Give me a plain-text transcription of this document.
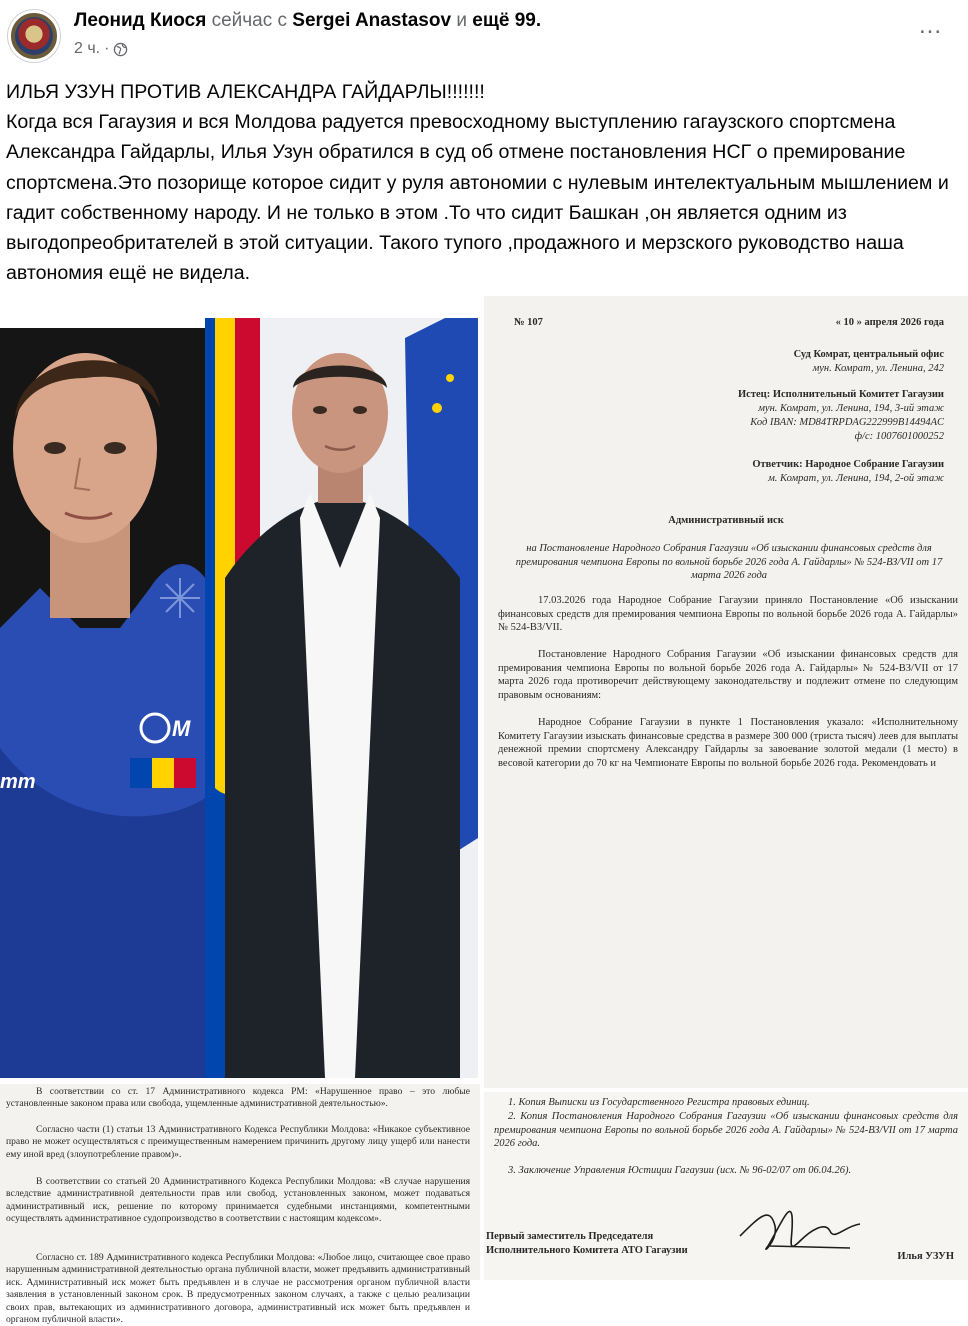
Леонид Киося сейчас с Sergei Anastasov и ещё 99.
2 ч. ·
...

ИЛЬЯ УЗУН ПРОТИВ АЛЕКСАНДРА ГАЙДАРЛЫ!!!!!!!
Когда вся Гагаузия и вся Молдова радуется превосходному выступлению гагаузского спортсмена Александра Гайдарлы, Илья Узун обратился в суд об отмене постановления НСГ о премирование спортсмена.Это позорище которое сидит у руля автономии с нулевым интелектуальным мышлением и гадит собственному народу. И не только в этом .То что сидит Башкан ,он является одним из выгодопреобритателей в этой ситуации. Такого тупого ,продажного и мерзского руководство наша автономия ещё не видела.

М
mm
№ 107	« 10 » апреля 2026 года
Суд Комрат, центральный офис
мун. Комрат, ул. Ленина, 242
Истец: Исполнительный Комитет Гагаузии
мун. Комрат, ул. Ленина, 194, 3-ий этаж
Код IBAN: MD84TRPDAG222999B14494AC
ф/с: 1007601000252
Ответчик: Народное Собрание Гагаузии
м. Комрат, ул. Ленина, 194, 2-ой этаж
Административный иск
на Постановление Народного Собрания Гагаузии «Об изыскании финансовых средств для премирования чемпиона Европы по вольной борьбе 2026 года А. Гайдарлы» № 524-ВЗ/VII от 17 марта 2026 года
17.03.2026 года Народное Собрание Гагаузии приняло Постановление «Об изыскании финансовых средств для премирования чемпиона Европы по вольной борьбе 2026 года А. Гайдарлы» № 524-ВЗ/VII.
Постановление Народного Собрания Гагаузии «Об изыскании финансовых средств для премирования чемпиона Европы по вольной борьбе 2026 года А. Гайдарлы» № 524-ВЗ/VII от 17 марта 2026 года противоречит действующему законодательству и подлежит отмене по следующим правовым основаниям:
Народное Собрание Гагаузии в пункте 1 Постановления указало: «Исполнительному Комитету Гагаузии изыскать финансовые средства в размере 300 000 (триста тысяч) леев для выплаты денежной премии спортсмену Александру Гайдарлы за завоевание золотой медали (1 место) в весовой категории до 70 кг на Чемпионате Европы по вольной борьбе 2026 года. Рекомендовать и
В соответствии со ст. 17 Административного кодекса РМ: «Нарушенное право – это любые установленные законом права или свобода, ущемленные административной деятельностью».
Согласно части (1) статьи 13 Административного Кодекса Республики Молдова: «Никакое субъективное право не может осуществляться с преимущественным намерением причинить другому лицу ущерб или нанести ему иной вред (злоупотребление правом)».
В соответствии со статьей 20 Административного Кодекса Республики Молдова: «В случае нарушения вследствие административной деятельности прав или свобод, установленных законом, может подаваться административный иск, решение по которому принимается судебными инстанциями, компетентными осуществлять административное судопроизводство в соответствии с настоящим кодексом».
Согласно ст. 189 Административного кодекса Республики Молдова: «Любое лицо, считающее свое право нарушенным административной деятельностью органа публичной власти, может предъявить административный иск. Административный иск может быть предъявлен и в случае не рассмотрения органом публичной власти заявления в установленный законом срок. В предусмотренных законом случаях, а также с целью реализации своих прав, вытекающих из административного договора, административный иск может быть предъявлен и органом публичной власти».
1. Копия Выписки из Государственного Регистра правовых единиц.
2. Копия Постановления Народного Собрания Гагаузии «Об изыскании финансовых средств для премирования чемпиона Европы по вольной борьбе 2026 года А. Гайдарлы» № 524-ВЗ/VII от 17 марта 2026 года.
3. Заключение Управления Юстиции Гагаузии (исх. № 96-02/07 от 06.04.26).
Первый заместитель Председателя
Исполнительного Комитета АТО Гагаузии
Илья УЗУН
